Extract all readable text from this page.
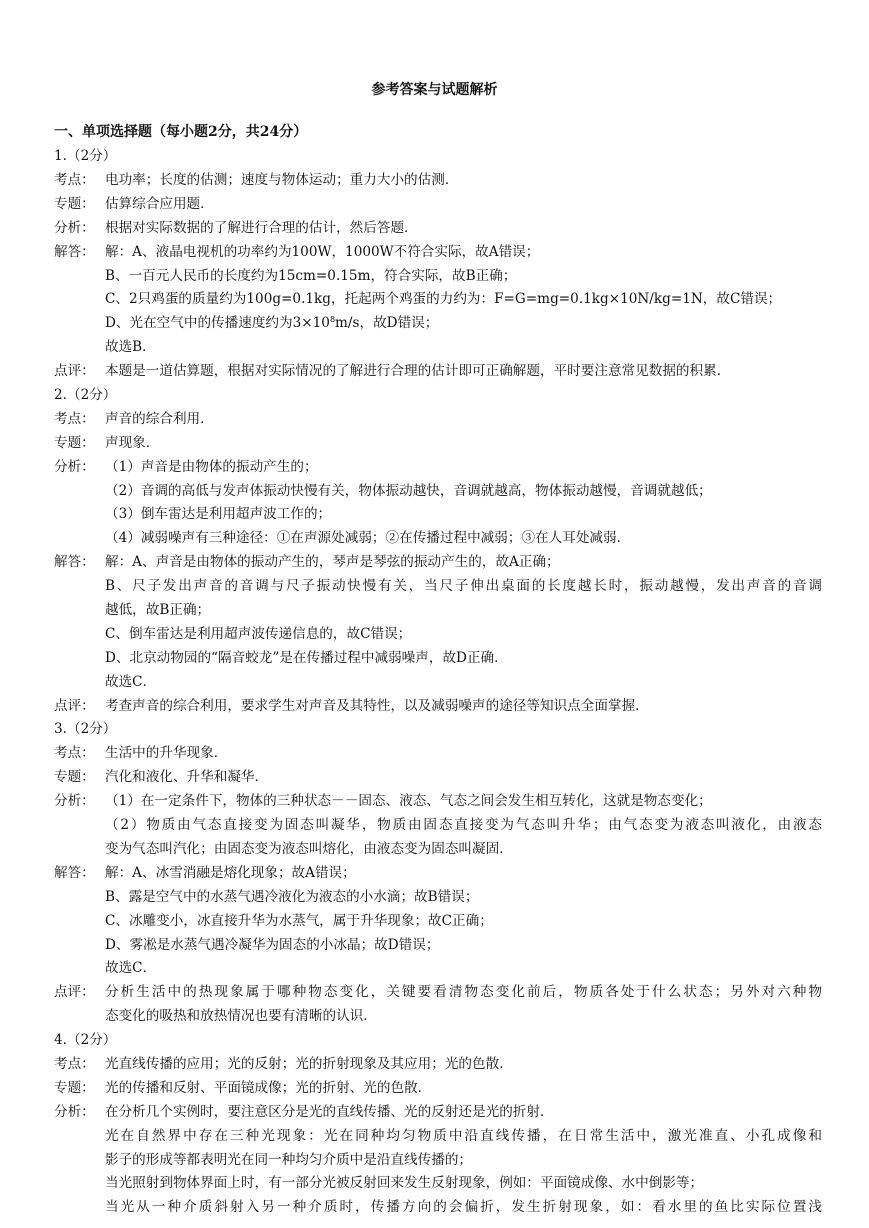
参考答案与试题解析
一、单项选择题（每小题2分，共24分）
1.（2分）
考点： 电功率；长度的估测；速度与物体运动；重力大小的估测．
专题： 估算综合应用题．
分析： 根据对实际数据的了解进行合理的估计，然后答题．
解答： 解：A、液晶电视机的功率约为100W，1000W不符合实际，故A错误；
B、一百元人民币的长度约为15cm=0.15m，符合实际，故B正确；
C、2只鸡蛋的质量约为100g=0.1kg，托起两个鸡蛋的力约为：F=G=mg=0.1kg×10N/kg=1N，故C错误；
D、光在空气中的传播速度约为$3\times 10^8m/s$，故D错误；
故选B．
点评： 本题是一道估算题，根据对实际情况的了解进行合理的估计即可正确解题，平时要注意常见数据的积累．
2.（2分）
考点： 声音的综合利用．
专题： 声现象．
分析： （1）声音是由物体的振动产生的；
（2）音调的高低与发声体振动快慢有关，物体振动越快，音调就越高，物体振动越慢，音调就越低；
（3）倒车雷达是利用超声波工作的；
（4）减弱噪声有三种途径：①在声源处减弱；②在传播过程中减弱；③在人耳处减弱．
解答： 解：A、声音是由物体的振动产生的，琴声是琴弦的振动产生的，故A正确；
B、尺子发出声音的音调与尺子振动快慢有关，当尺子伸出桌面的长度越长时，振动越慢，发出声音的音调
越低，故B正确；
C、倒车雷达是利用超声波传递信息的，故C错误；
D、北京动物园的“隔音蛟龙”是在传播过程中减弱噪声，故D正确．
故选C．
点评： 考查声音的综合利用，要求学生对声音及其特性，以及减弱噪声的途径等知识点全面掌握．
3.（2分）
考点： 生活中的升华现象．
专题： 汽化和液化、升华和凝华．
分析： （1）在一定条件下，物体的三种状态－－固态、液态、气态之间会发生相互转化，这就是物态变化；
（2）物质由气态直接变为固态叫凝华，物质由固态直接变为气态叫升华；由气态变为液态叫液化，由液态
变为气态叫汽化；由固态变为液态叫熔化，由液态变为固态叫凝固．
解答： 解：A、冰雪消融是熔化现象；故A错误；
B、露是空气中的水蒸气遇冷液化为液态的小水滴；故B错误；
C、冰雕变小，冰直接升华为水蒸气，属于升华现象；故C正确；
D、雾凇是水蒸气遇冷凝华为固态的小冰晶；故D错误；
故选C．
点评： 分析生活中的热现象属于哪种物态变化，关键要看清物态变化前后，物质各处于什么状态；另外对六种物
态变化的吸热和放热情况也要有清晰的认识．
4.（2分）
考点： 光直线传播的应用；光的反射；光的折射现象及其应用；光的色散．
专题： 光的传播和反射、平面镜成像；光的折射、光的色散．
分析： 在分析几个实例时，要注意区分是光的直线传播、光的反射还是光的折射．
光在自然界中存在三种光现象：光在同种均匀物质中沿直线传播，在日常生活中，激光准直、小孔成像和
影子的形成等都表明光在同一种均匀介质中是沿直线传播的；
当光照射到物体界面上时，有一部分光被反射回来发生反射现象，例如：平面镜成像、水中倒影等；
当光从一种介质斜射入另一种介质时，传播方向的会偏折，发生折射现象，如：看水里的鱼比实际位置浅
